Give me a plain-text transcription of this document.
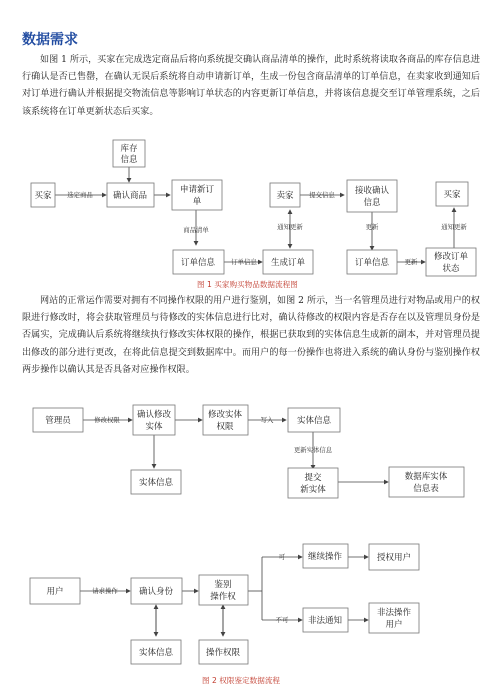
数据需求

如图 1 所示，买家在完成选定商品后将向系统提交确认商品清单的操作，此时系统将读取各商品的库存信息进行确认是否已售罄，在确认无误后系统将自动申请新订单，生成一份包含商品清单的订单信息，在卖家收到通知后对订单进行确认并根据提交物流信息等影响订单状态的内容更新订单信息，并将该信息提交至订单管理系统，之后该系统将在订单更新状态后买家。

买家
库存
信息
确认商品
申请新订
单
订单信息	生成订单
卖家	接收确认
信息
订单信息
买家
修改订单
状态
选定商品
商品清单
订单信息
提交信息
通知更新	更新
更新
通知更新
图 1 买家购买物品数据流程图

网站的正常运作需要对拥有不同操作权限的用户进行鉴别，如图 2 所示，当一名管理员进行对物品或用户的权限进行修改时，将会获取管理员与待修改的实体信息进行比对，确认待修改的权限内容是否存在以及管理员身份是否属实，完成确认后系统将继续执行修改实体权限的操作，根据已获取到的实体信息生成新的副本，并对管理员提出修改的部分进行更改，在将此信息提交到数据库中。而用户的每一份操作也将进入系统的确认身份与鉴别操作权两步操作以确认其是否具备对应操作权限。

管理员
确认修改
实体
修改实体
权限
实体信息
实体信息	提交
新实体
数据库实体
信息表
用户	确认身份
鉴别
操作权
继续操作	授权用户
非法通知
非法操作
用户
实体信息	操作权限
修改权限	写入
更新实体信息
请求操作
可
不可
图 2 权限鉴定数据流程
